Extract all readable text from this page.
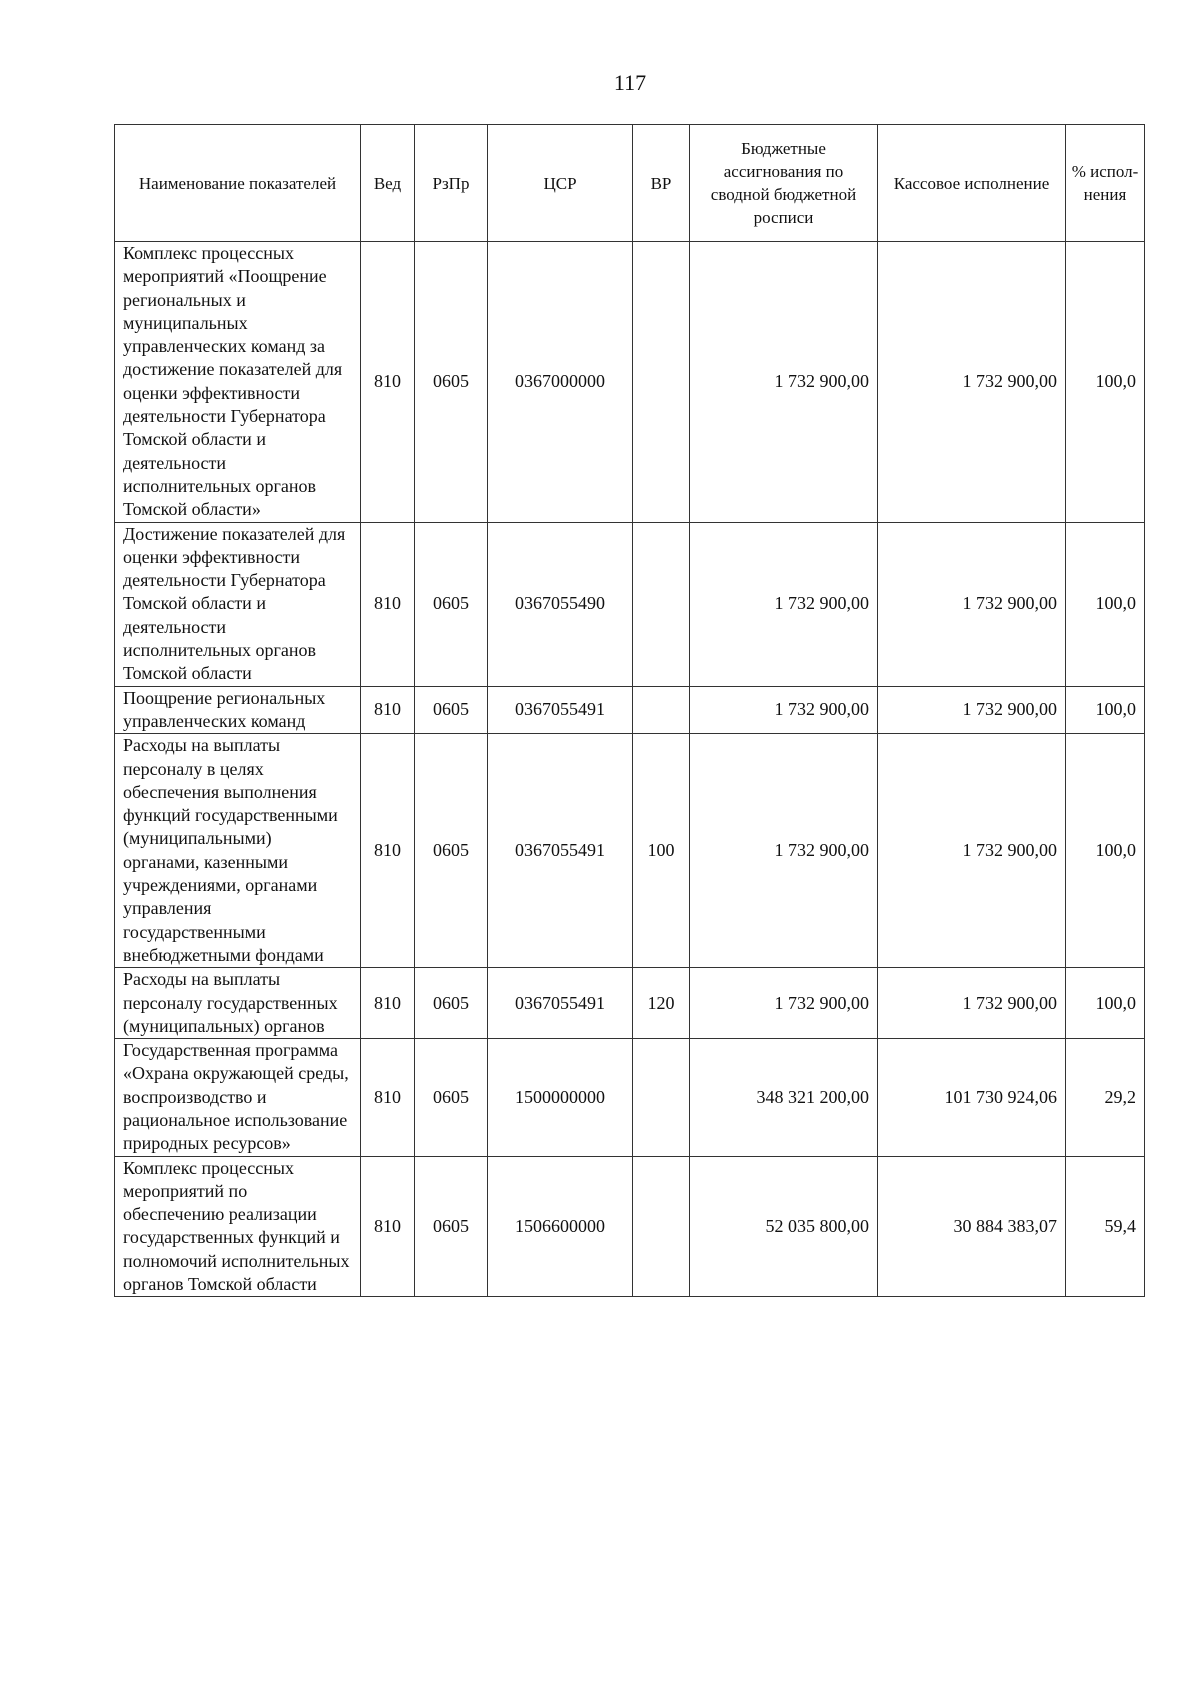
117
Наименование показателей	Вед	РзПр	ЦСР	ВР	Бюджетные ассигнования по сводной бюджетной росписи	Кассовое исполнение	% испол-нения
Комплекс процессных мероприятий «Поощрение региональных и муниципальных управленческих команд за достижение показателей для оценки эффективности деятельности Губернатора Томской области и деятельности исполнительных органов Томской области»	810	0605	0367000000		1 732 900,00	1 732 900,00	100,0
Достижение показателей для оценки эффективности деятельности Губернатора Томской области и деятельности исполнительных органов Томской области	810	0605	0367055490		1 732 900,00	1 732 900,00	100,0
Поощрение региональных управленческих команд	810	0605	0367055491		1 732 900,00	1 732 900,00	100,0
Расходы на выплаты персоналу в целях обеспечения выполнения функций государственными (муниципальными) органами, казенными учреждениями, органами управления государственными внебюджетными фондами	810	0605	0367055491	100	1 732 900,00	1 732 900,00	100,0
Расходы на выплаты персоналу государственных (муниципальных) органов	810	0605	0367055491	120	1 732 900,00	1 732 900,00	100,0
Государственная программа «Охрана окружающей среды, воспроизводство и рациональное использование природных ресурсов»	810	0605	1500000000		348 321 200,00	101 730 924,06	29,2
Комплекс процессных мероприятий по обеспечению реализации государственных функций и полномочий исполнительных органов Томской области	810	0605	1506600000		52 035 800,00	30 884 383,07	59,4
